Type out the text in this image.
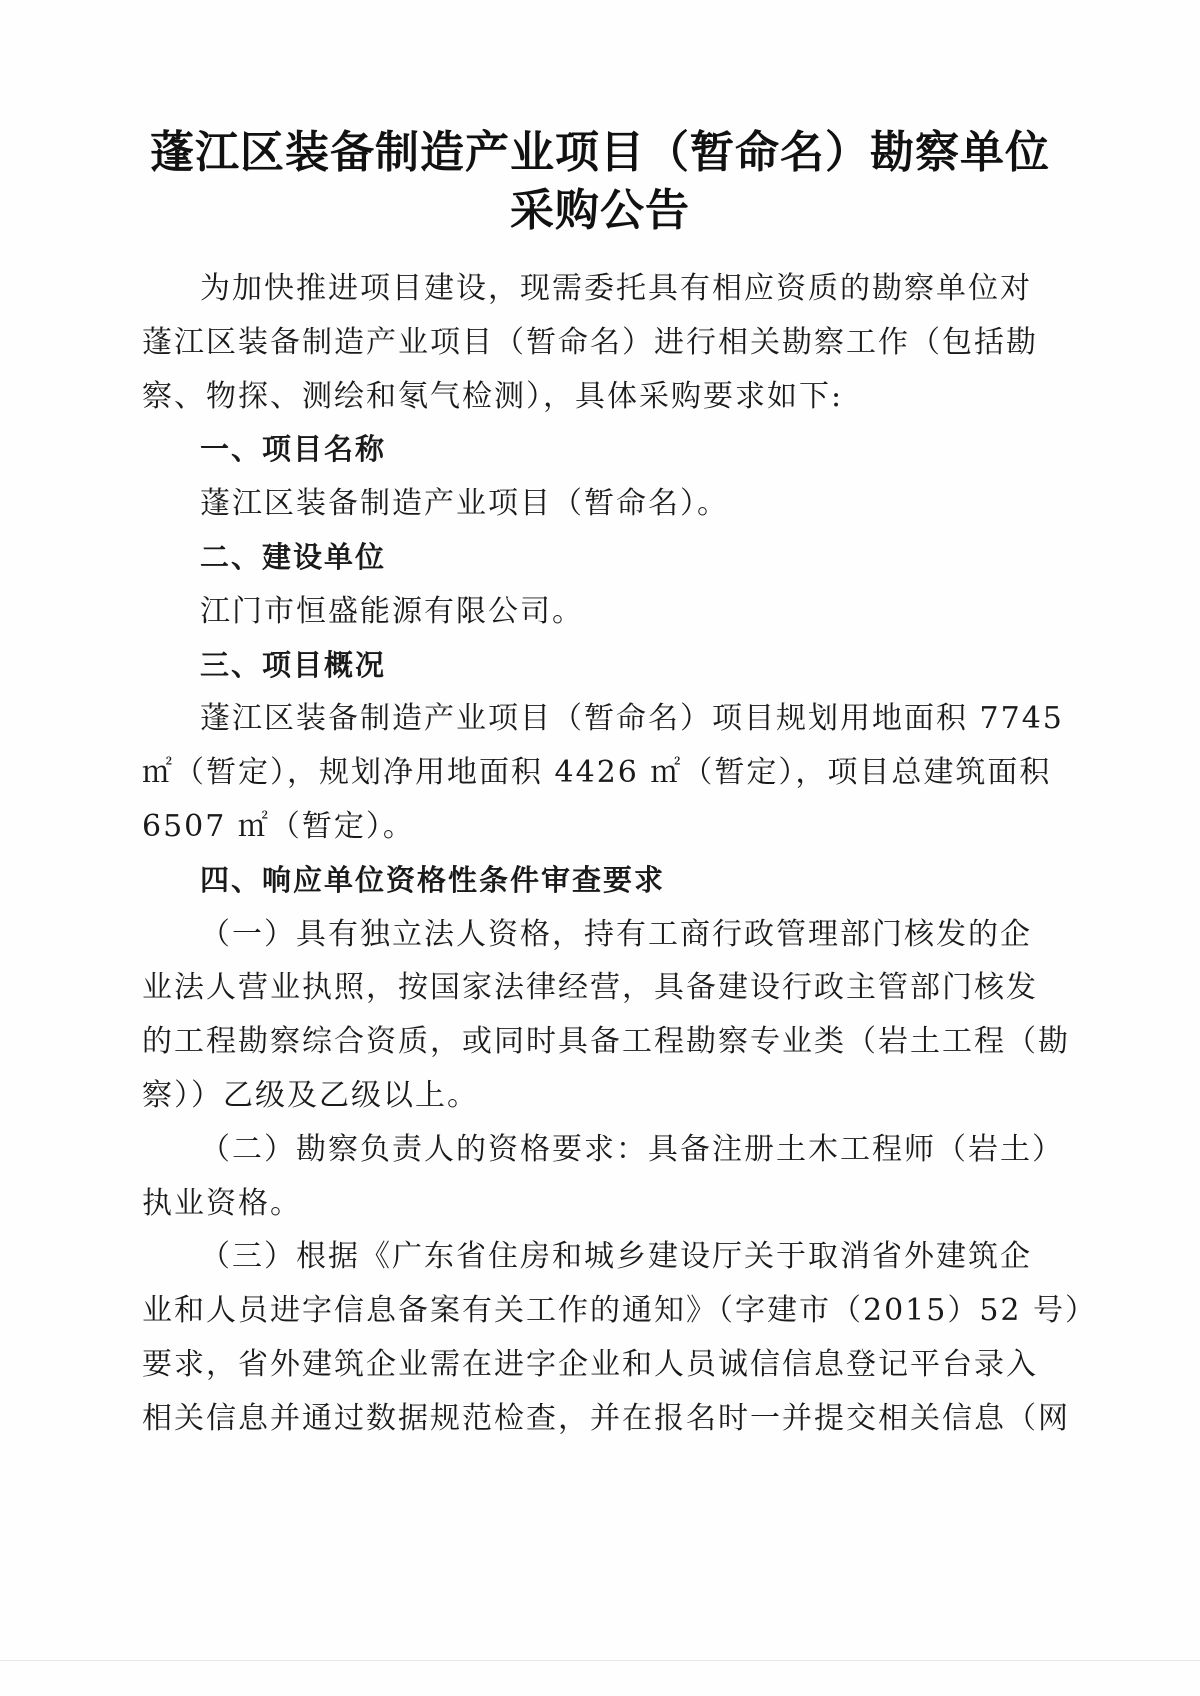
蓬江区装备制造产业项目（暂命名）勘察单位
采购公告
为加快推进项目建设，现需委托具有相应资质的勘察单位对
蓬江区装备制造产业项目（暂命名）进行相关勘察工作（包括勘
察、物探、测绘和氡气检测），具体采购要求如下:
一、项目名称
蓬江区装备制造产业项目（暂命名）。
二、建设单位
江门市恒盛能源有限公司。
三、项目概况
蓬江区装备制造产业项目（暂命名）项目规划用地面积 7745
㎡（暂定），规划净用地面积 4426 ㎡（暂定），项目总建筑面积
6507 ㎡（暂定）。
四、响应单位资格性条件审查要求
（一）具有独立法人资格，持有工商行政管理部门核发的企
业法人营业执照，按国家法律经营，具备建设行政主管部门核发
的工程勘察综合资质，或同时具备工程勘察专业类（岩土工程（勘
察））乙级及乙级以上。
（二）勘察负责人的资格要求：具备注册土木工程师（岩土）
执业资格。
（三）根据《广东省住房和城乡建设厅关于取消省外建筑企
业和人员进字信息备案有关工作的通知》（字建市（2015）52 号）
要求，省外建筑企业需在进字企业和人员诚信信息登记平台录入
相关信息并通过数据规范检查，并在报名时一并提交相关信息（网
